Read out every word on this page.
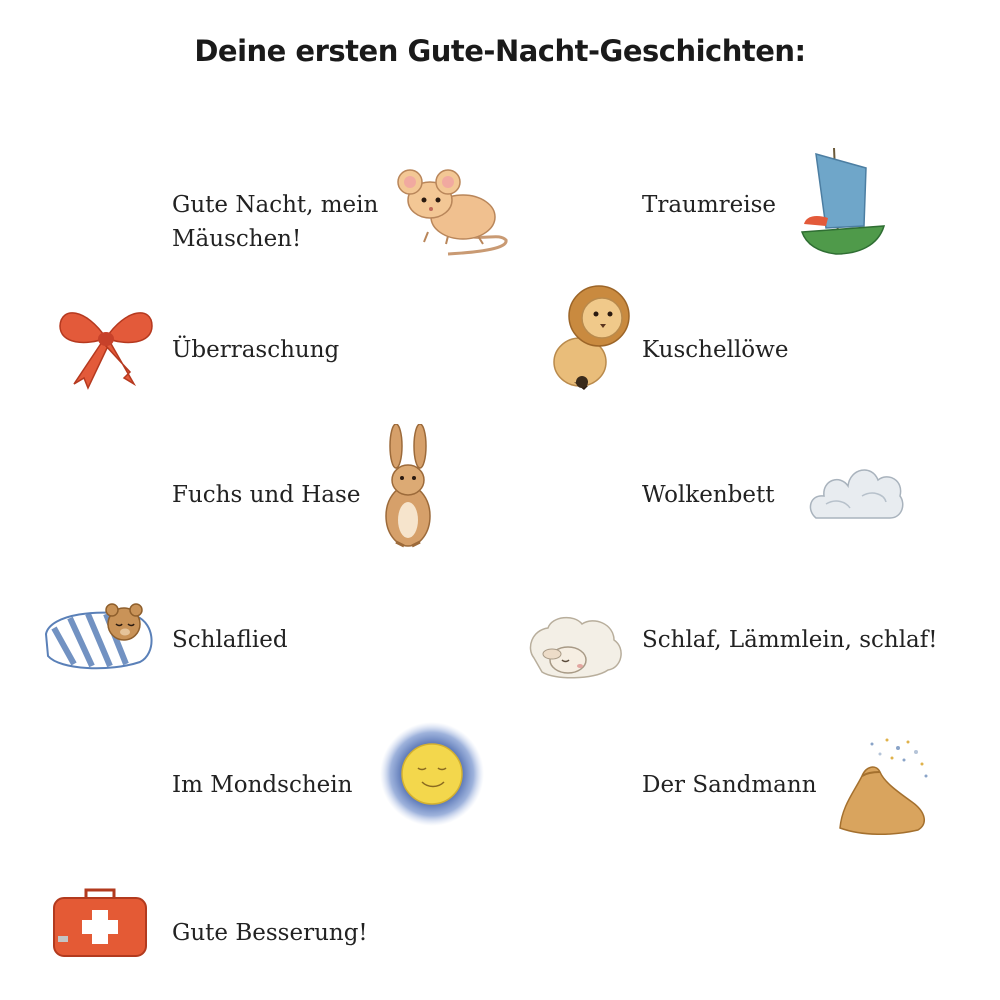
Deine ersten Gute-Nacht-Geschichten:
Gute Nacht, mein
Mäuschen!
Traumreise
Überraschung	Kuschellöwe
Fuchs und Hase	Wolkenbett
Schlaflied	Schlaf, Lämmlein, schlaf!
Im Mondschein	Der Sandmann
Gute Besserung!
